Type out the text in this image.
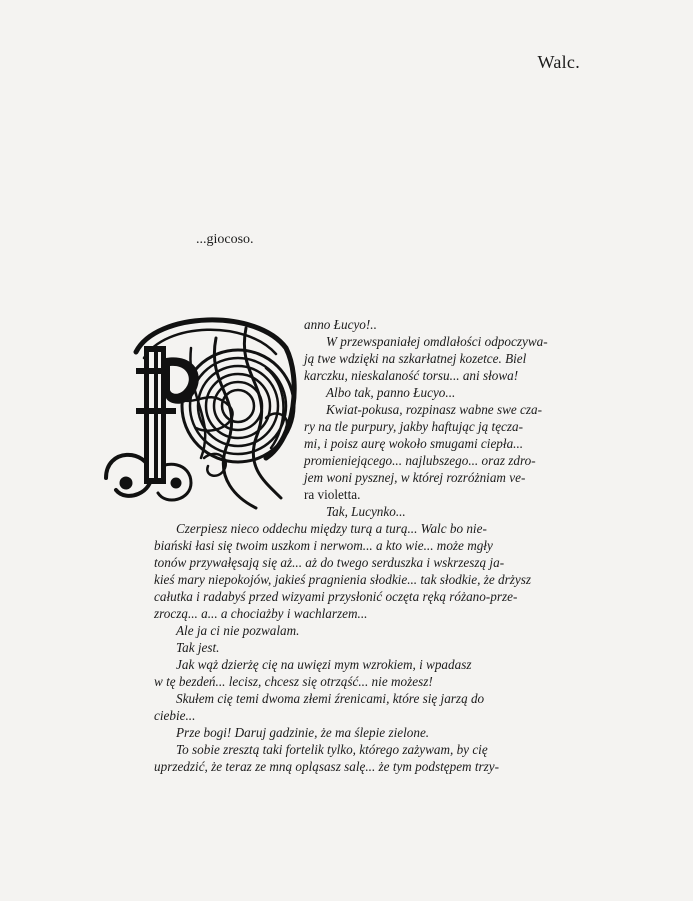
Walc.
...giocoso.
anno Łucyo!..
W przewspaniałej omdlałości odpoczywa-
ją twe wdzięki na szkarłatnej kozetce. Biel
karczku, nieskalaność torsu... ani słowa!
Albo tak, panno Łucyo...
Kwiat-pokusa, rozpinasz wabne swe cza-
ry na tle purpury, jakby haftując ją tęcza-
mi, i poisz aurę wokoło smugami ciepła...
promieniejącego... najlubszego... oraz zdro-
jem woni pysznej, w której rozróżniam ve-
ra violetta.
Tak, Lucynko...
Czerpiesz nieco oddechu między turą a turą... Walc bo nie-
biański łasi się twoim uszkom i nerwom... a kto wie... może mgły
tonów przywałęsają się aż... aż do twego serduszka i wskrzeszą ja-
kieś mary niepokojów, jakieś pragnienia słodkie... tak słodkie, że drżysz
całutka i radabyś przed wizyami przysłonić oczęta ręką różano-prze-
zroczą... a... a chociażby i wachlarzem...
Ale ja ci nie pozwalam.
Tak jest.
Jak wąż dzierżę cię na uwięzi mym wzrokiem, i wpadasz
w tę bezdeń... lecisz, chcesz się otrząść... nie możesz!
Skułem cię temi dwoma złemi źrenicami, które się jarzą do
ciebie...
Prze bogi! Daruj gadzinie, że ma ślepie zielone.
To sobie zresztą taki fortelik tylko, którego zażywam, by cię
uprzedzić, że teraz ze mną opląsasz salę... że tym podstępem trzy-
